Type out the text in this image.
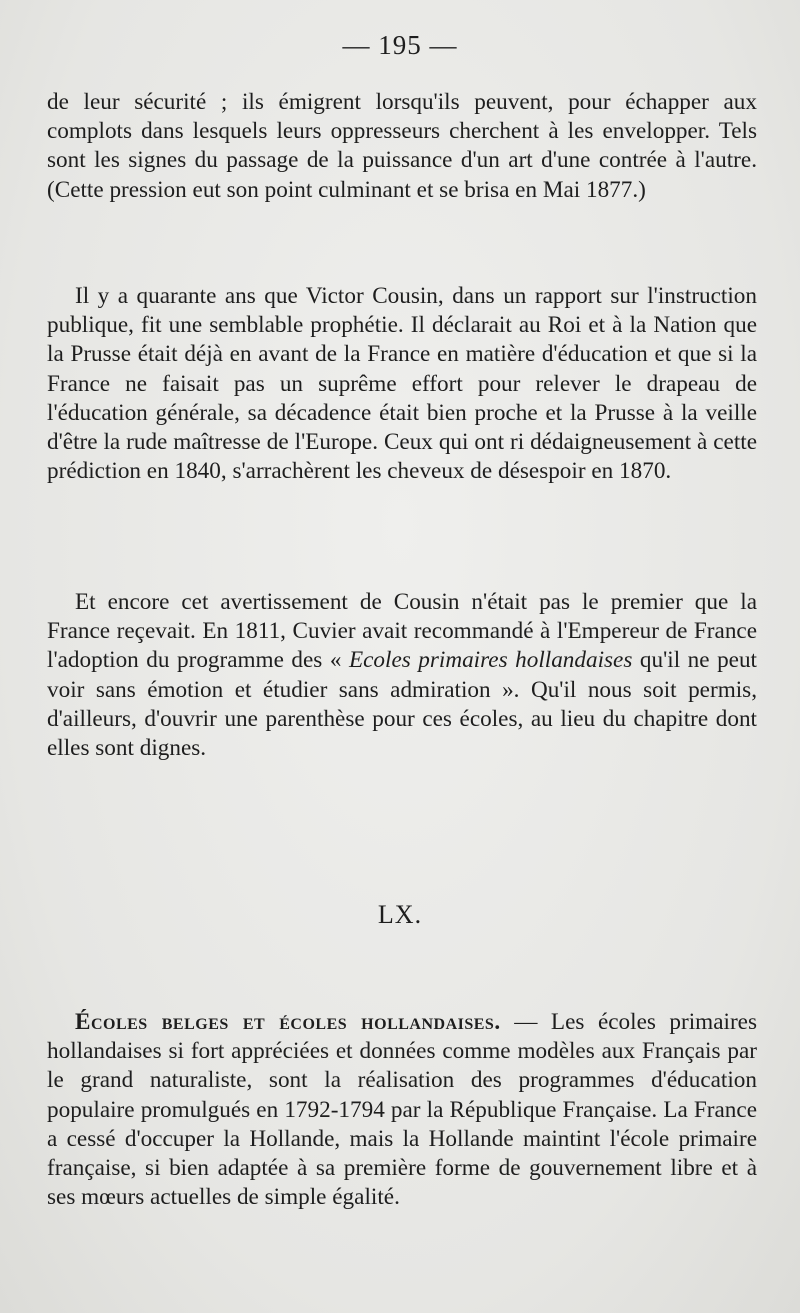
— 195 —

de leur sécurité ; ils émigrent lorsqu'ils peuvent, pour échapper aux complots dans lesquels leurs oppresseurs cherchent à les envelopper. Tels sont les signes du passage de la puissance d'un art d'une contrée à l'autre. (Cette pression eut son point culminant et se brisa en Mai 1877.)

Il y a quarante ans que Victor Cousin, dans un rapport sur l'instruction publique, fit une semblable prophétie. Il déclarait au Roi et à la Nation que la Prusse était déjà en avant de la France en matière d'éducation et que si la France ne faisait pas un suprême effort pour relever le drapeau de l'éducation générale, sa décadence était bien proche et la Prusse à la veille d'être la rude maîtresse de l'Europe. Ceux qui ont ri dédaigneusement à cette prédiction en 1840, s'arrachèrent les cheveux de désespoir en 1870.

Et encore cet avertissement de Cousin n'était pas le premier que la France reçevait. En 1811, Cuvier avait recommandé à l'Empereur de France l'adoption du programme des « Ecoles primaires hollandaises qu'il ne peut voir sans émotion et étudier sans admiration ». Qu'il nous soit permis, d'ailleurs, d'ouvrir une parenthèse pour ces écoles, au lieu du chapitre dont elles sont dignes.

LX.

Écoles belges et écoles hollandaises. — Les écoles primaires hollandaises si fort appréciées et données comme modèles aux Français par le grand naturaliste, sont la réalisation des programmes d'éducation populaire promulgués en 1792-1794 par la République Française. La France a cessé d'occuper la Hollande, mais la Hollande maintint l'école primaire française, si bien adaptée à sa première forme de gouvernement libre et à ses mœurs actuelles de simple égalité.
